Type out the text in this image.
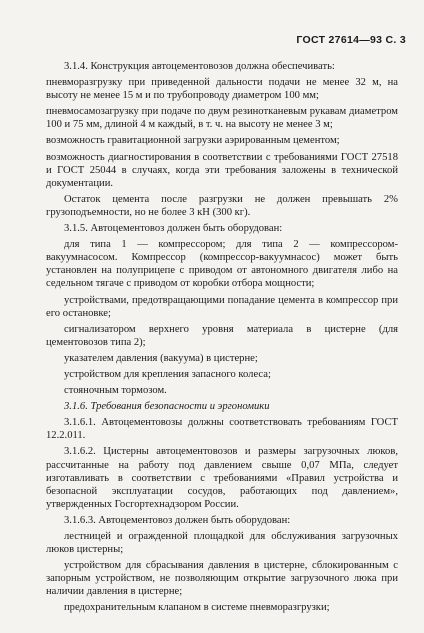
ГОСТ 27614—93 С. 3

3.1.4. Конструкция автоцементовозов должна обеспечивать:

пневморазгрузку при приведенной дальности подачи не менее 32 м, на высоту не менее 15 м и по трубопроводу диаметром 100 мм;

пневмосамозагрузку при подаче по двум резинотканевым рукавам диаметром 100 и 75 мм, длиной 4 м каждый, в т. ч. на высоту не менее 3 м;

возможность гравитационной загрузки аэрированным цементом;

возможность диагностирования в соответствии с требованиями ГОСТ 27518 и ГОСТ 25044 в случаях, когда эти требования заложены в технической документации.

Остаток цемента после разгрузки не должен превышать 2% грузоподъемности, но не более 3 кН (300 кг).

3.1.5. Автоцементовоз должен быть оборудован:

для типа 1 — компрессором; для типа 2 — компрессором-вакуумнасосом. Компрессор (компрессор-вакуумнасос) может быть установлен на полуприцепе с приводом от автономного двигателя либо на седельном тягаче с приводом от коробки отбора мощности;

устройствами, предотвращающими попадание цемента в компрессор при его остановке;

сигнализатором верхнего уровня материала в цистерне (для цементовозов типа 2);

указателем давления (вакуума) в цистерне;

устройством для крепления запасного колеса;

стояночным тормозом.

3.1.6. Требования безопасности и эргономики

3.1.6.1. Автоцементовозы должны соответствовать требованиям ГОСТ 12.2.011.

3.1.6.2. Цистерны автоцементовозов и размеры загрузочных люков, рассчитанные на работу под давлением свыше 0,07 МПа, следует изготавливать в соответствии с требованиями «Правил устройства и безопасной эксплуатации сосудов, работающих под давлением», утвержденных Госгортехнадзором России.

3.1.6.3. Автоцементовоз должен быть оборудован:

лестницей и огражденной площадкой для обслуживания загрузочных люков цистерны;

устройством для сбрасывания давления в цистерне, сблокированным с запорным устройством, не позволяющим открытие загрузочного люка при наличии давления в цистерне;

предохранительным клапаном в системе пневморазгрузки;
